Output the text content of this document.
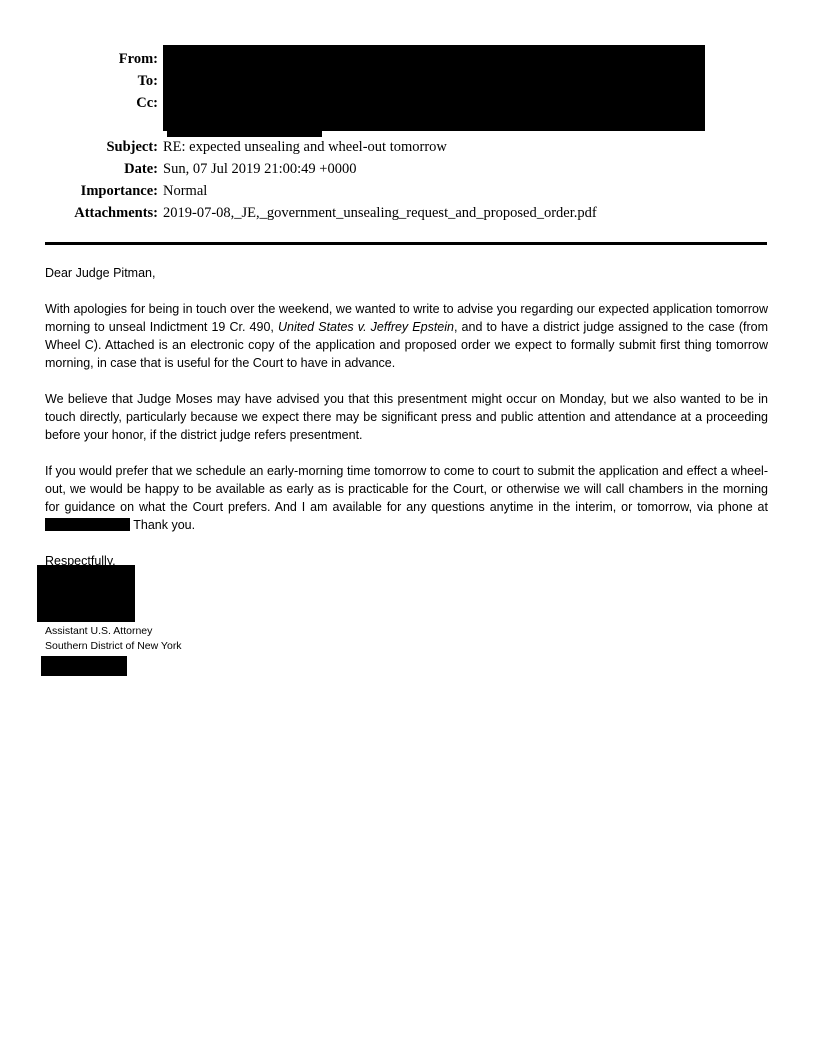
From:
To:
Cc:
Subject: RE: expected unsealing and wheel-out tomorrow
Date: Sun, 07 Jul 2019 21:00:49 +0000
Importance: Normal
Attachments: 2019-07-08,_JE,_government_unsealing_request_and_proposed_order.pdf

Dear Judge Pitman,

With apologies for being in touch over the weekend, we wanted to write to advise you regarding our expected application tomorrow morning to unseal Indictment 19 Cr. 490, United States v. Jeffrey Epstein, and to have a district judge assigned to the case (from Wheel C). Attached is an electronic copy of the application and proposed order we expect to formally submit first thing tomorrow morning, in case that is useful for the Court to have in advance.

We believe that Judge Moses may have advised you that this presentment might occur on Monday, but we also wanted to be in touch directly, particularly because we expect there may be significant press and public attention and attendance at a proceeding before your honor, if the district judge refers presentment.

If you would prefer that we schedule an early-morning time tomorrow to come to court to submit the application and effect a wheel-out, we would be happy to be available as early as is practicable for the Court, or otherwise we will call chambers in the morning for guidance on what the Court prefers. And I am available for any questions anytime in the interim, or tomorrow, via phone at  Thank you.

Respectfully,

Assistant U.S. Attorney
Southern District of New York
